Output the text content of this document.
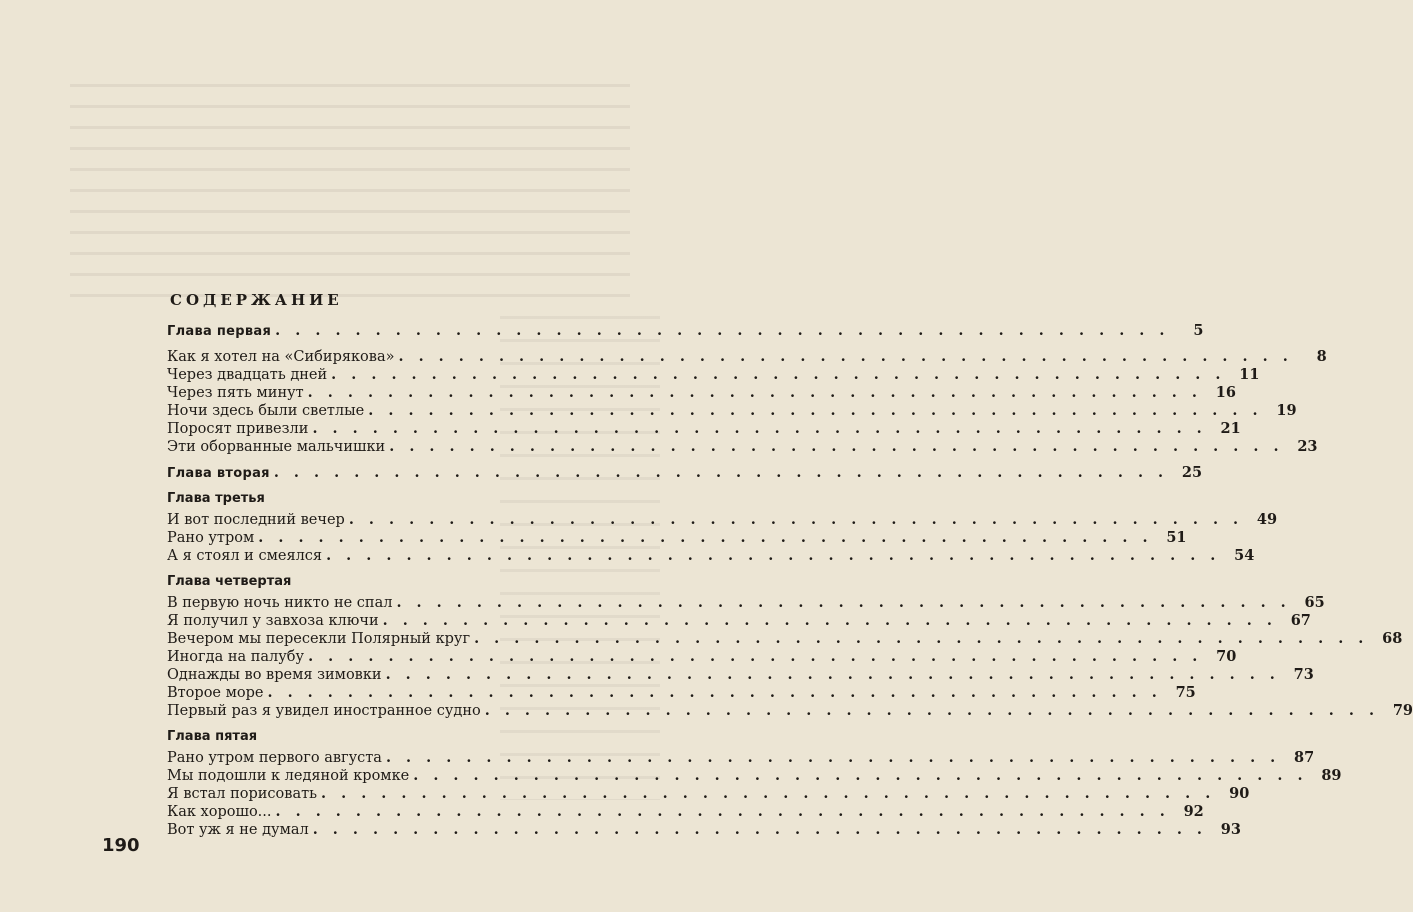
СОДЕРЖАНИЕ
Глава первая . . . . . . . . . . . . . . . . . . . . . . . . . . . . . . . . . . . . . . . . . . . . .	5
Как я хотел на «Сибирякова» . . . . . . . . . . . . . . . . . . . . . . . . . . . . . . . . . . . . . . . . . . . . .	8
Через двадцать дней . . . . . . . . . . . . . . . . . . . . . . . . . . . . . . . . . . . . . . . . . . . . . 11
Через пять минут . . . . . . . . . . . . . . . . . . . . . . . . . . . . . . . . . . . . . . . . . . . . . 16
Ночи здесь были светлые . . . . . . . . . . . . . . . . . . . . . . . . . . . . . . . . . . . . . . . . . . . . . 19
Поросят привезли . . . . . . . . . . . . . . . . . . . . . . . . . . . . . . . . . . . . . . . . . . . . . 21
Эти оборванные мальчишки . . . . . . . . . . . . . . . . . . . . . . . . . . . . . . . . . . . . . . . . . . . . . 23
Глава вторая . . . . . . . . . . . . . . . . . . . . . . . . . . . . . . . . . . . . . . . . . . . . . 25
Глава третья
И вот последний вечер . . . . . . . . . . . . . . . . . . . . . . . . . . . . . . . . . . . . . . . . . . . . . 49
Рано утром . . . . . . . . . . . . . . . . . . . . . . . . . . . . . . . . . . . . . . . . . . . . . 51
А я стоял и смеялся . . . . . . . . . . . . . . . . . . . . . . . . . . . . . . . . . . . . . . . . . . . . . 54
Глава четвертая
В первую ночь никто не спал . . . . . . . . . . . . . . . . . . . . . . . . . . . . . . . . . . . . . . . . . . . . . 65
Я получил у завхоза ключи . . . . . . . . . . . . . . . . . . . . . . . . . . . . . . . . . . . . . . . . . . . . . 67
Вечером мы пересекли Полярный круг . . . . . . . . . . . . . . . . . . . . . . . . . . . . . . . . . . . . . . . . . . . . . 68
Иногда на палубу . . . . . . . . . . . . . . . . . . . . . . . . . . . . . . . . . . . . . . . . . . . . . 70
Однажды во время зимовки . . . . . . . . . . . . . . . . . . . . . . . . . . . . . . . . . . . . . . . . . . . . . 73
Второе море . . . . . . . . . . . . . . . . . . . . . . . . . . . . . . . . . . . . . . . . . . . . . 75
Первый раз я увидел иностранное судно . . . . . . . . . . . . . . . . . . . . . . . . . . . . . . . . . . . . . . . . . . . . . 79
Глава пятая
Рано утром первого августа . . . . . . . . . . . . . . . . . . . . . . . . . . . . . . . . . . . . . . . . . . . . . 87
Мы подошли к ледяной кромке . . . . . . . . . . . . . . . . . . . . . . . . . . . . . . . . . . . . . . . . . . . . . 89
Я встал порисовать . . . . . . . . . . . . . . . . . . . . . . . . . . . . . . . . . . . . . . . . . . . . . 90
Как хорошо... . . . . . . . . . . . . . . . . . . . . . . . . . . . . . . . . . . . . . . . . . . . . . 92
Вот уж я не думал . . . . . . . . . . . . . . . . . . . . . . . . . . . . . . . . . . . . . . . . . . . . . 93
190
